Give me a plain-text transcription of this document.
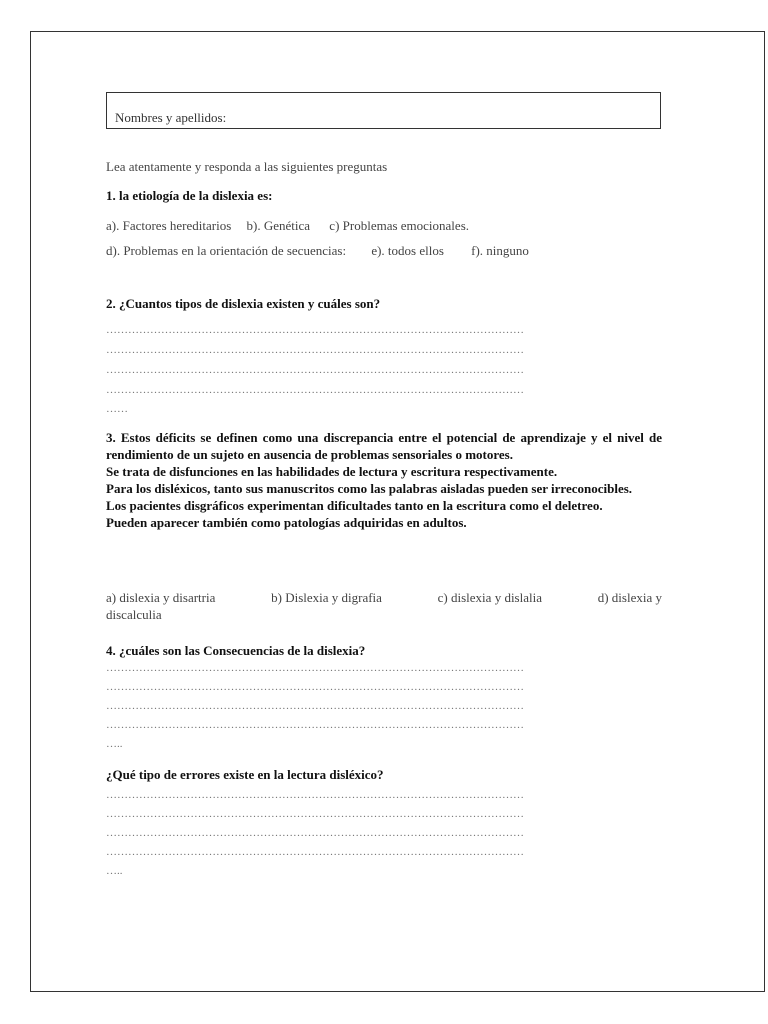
Nombres y apellidos:
Lea atentamente y responda a las siguientes preguntas
1. la etiología de la dislexia es:
a). Factores hereditarios b). Genética c) Problemas emocionales.
d). Problemas en la orientación de secuencias: e). todos ellos f). ninguno
2. ¿Cuantos tipos de dislexia existen y cuáles son?
……………………………………………………………………………………………………
……………………………………………………………………………………………………
……………………………………………………………………………………………………
……………………………………………………………………………………………………
……
3. Estos déficits se definen como una discrepancia entre el potencial de aprendizaje y el nivel de rendimiento de un sujeto en ausencia de problemas sensoriales o motores.
Se trata de disfunciones en las habilidades de lectura y escritura respectivamente.
Para los disléxicos, tanto sus manuscritos como las palabras aisladas pueden ser irreconocibles.
Los pacientes disgráficos experimentan dificultades tanto en la escritura como el deletreo.
Pueden aparecer también como patologías adquiridas en adultos.
a) dislexia y disartria	b) Dislexia y digrafia	c) dislexia y dislalia	d) dislexia y
discalculia
4. ¿cuáles son las Consecuencias de la dislexia?
……………………………………………………………………………………………………
……………………………………………………………………………………………………
……………………………………………………………………………………………………
……………………………………………………………………………………………………
…..
¿Qué tipo de errores existe en la lectura disléxico?
……………………………………………………………………………………………………
……………………………………………………………………………………………………
……………………………………………………………………………………………………
……………………………………………………………………………………………………
…..
